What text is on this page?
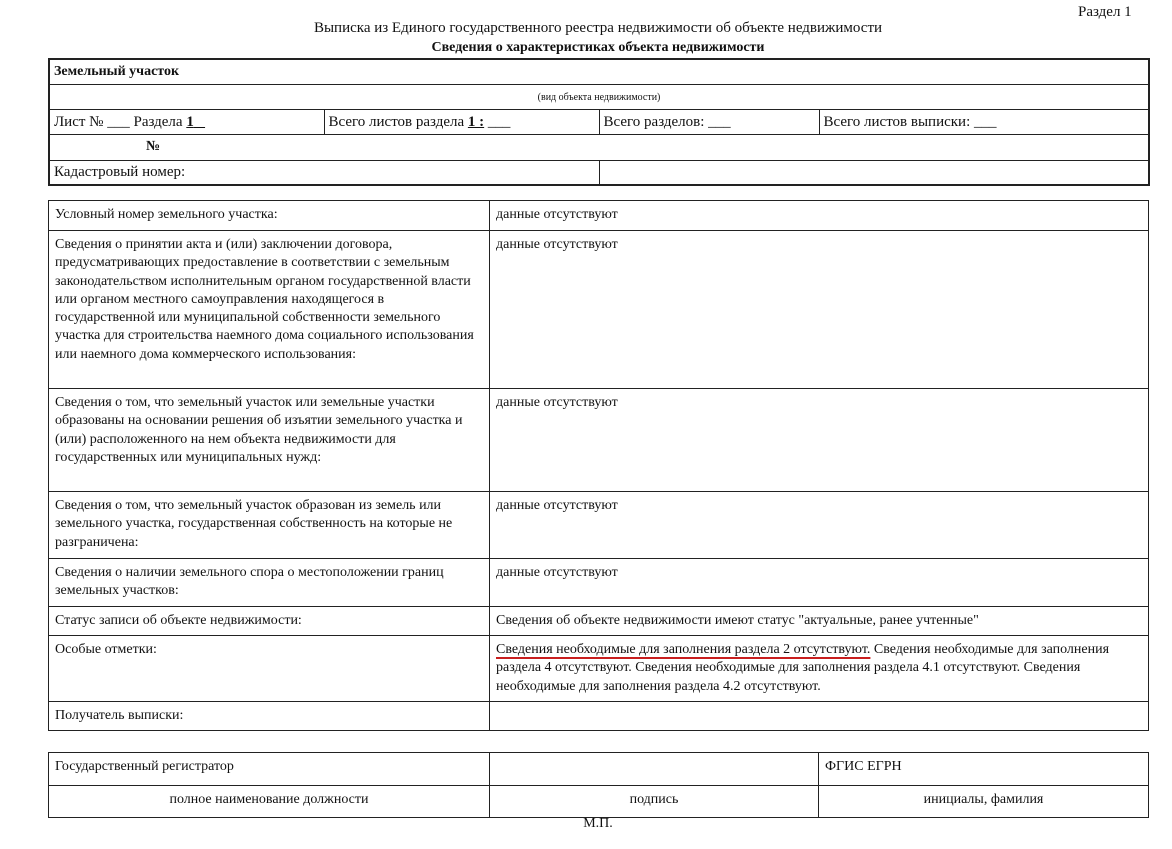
Раздел 1
Выписка из Единого государственного реестра недвижимости об объекте недвижимости
Сведения о характеристиках объекта недвижимости
Земельный участок			
(вид объекта недвижимости)			
Лист № ___ Раздела 1	Всего листов раздела 1 : ___	Всего разделов: ___	Всего листов выписки: ___
№			
Кадастровый номер:			
Условный номер земельного участка:	данные отсутствуют
Сведения о принятии акта и (или) заключении договора, предусматривающих предоставление в соответствии с земельным законодательством исполнительным органом государственной власти или органом местного самоуправления находящегося в государственной или муниципальной собственности земельного участка для строительства наемного дома социального использования или наемного дома коммерческого использования:	данные отсутствуют
Сведения о том, что земельный участок или земельные участки образованы на основании решения об изъятии земельного участка и (или) расположенного на нем объекта недвижимости для государственных или муниципальных нужд:	данные отсутствуют
Сведения о том, что земельный участок образован из земель или земельного участка, государственная собственность на которые не разграничена:	данные отсутствуют
Сведения о наличии земельного спора о местоположении границ земельных участков:	данные отсутствуют
Статус записи об объекте недвижимости:	Сведения об объекте недвижимости имеют статус "актуальные, ранее учтенные"
Особые отметки:	Сведения необходимые для заполнения раздела 2 отсутствуют. Сведения необходимые для заполнения раздела 4 отсутствуют. Сведения необходимые для заполнения раздела 4.1 отсутствуют. Сведения необходимые для заполнения раздела 4.2 отсутствуют.
Получатель выписки:	
Государственный регистратор		ФГИС ЕГРН
полное наименование должности	подпись	инициалы, фамилия
М.П.
